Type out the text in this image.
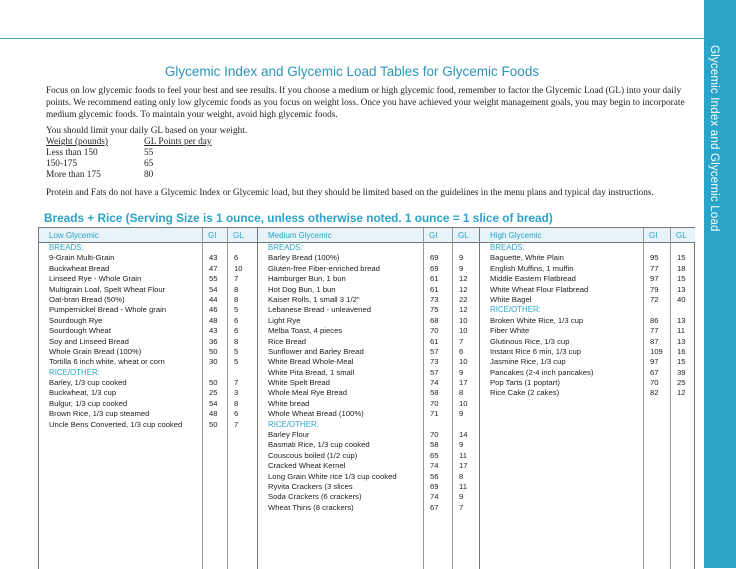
Glycemic Index and Glycemic Load
Glycemic Index and Glycemic Load Tables for Glycemic Foods

Focus on low glycemic foods to feel your best and see results. If you choose a medium or high glycemic food, remember to factor the Glycemic Load (GL) into your daily points. We recommend eating only low glycemic foods as you focus on weight loss. Once you have achieved your weight management goals, you may begin to incorporate medium glycemic foods. To maintain your weight, avoid high glycemic foods.

You should limit your daily GL based on your weight.
Weight (pounds)	GL Points per day
Less than 150	55
150-175	65
More than 175	80
Protein and Fats do not have a Glycemic Index or Glycemic load, but they should be limited based on the guidelines in the menu plans and typical day instructions.
Breads + Rice (Serving Size is 1 ounce, unless otherwise noted. 1 ounce = 1 slice of bread)
Low Glycemic	GI GL
BREADS:
9-Grain Multi-Grain	43 6
Buckwheat Bread	47 10
Linseed Rye - Whole Grain	55 7
Multigrain Loaf, Spelt Wheat Flour	54 8
Oat-bran Bread (50%)	44 8
Pumpernickel Bread - Whole grain	46 5
Sourdough Rye	48 6
Sourdough Wheat	43 6
Soy and Linseed Bread	36 8
Whole Grain Bread (100%)	50 5
Tortilla 6 inch white, wheat or corn	30 5
RICE/OTHER:
Barley, 1/3 cup cooked	50 7
Buckwheat, 1/3 cup	25 3
Bulgur, 1/3 cup cooked	54 8
Brown Rice, 1/3 cup steamed	48 6
Uncle Bens Converted, 1/3 cup cooked	50 7
Medium Glycemic	GI	GL
BREADS:
Barley Bread (100%)	69	9
Gluten-free Fiber-enriched bread	69	9
Hamburger Bun, 1 bun	61	12
Hot Dog Bun, 1 bun	61	12
Kaiser Rolls, 1 small 3 1/2"	73	22
Lebanese Bread - unleavened	75	12
Light Rye	68	10
Melba Toast, 4 pieces	70	10
Rice Bread	61	7
Sunflower and Barley Bread	57	6
White Bread Whole-Meal	73	10
White Pita Bread, 1 small	57	9
White Spelt Bread	74	17
Whole Meal Rye Bread	58	8
White bread	70	10
Whole Wheat Bread (100%)	71	9
RICE/OTHER:
Barley Flour	70	14
Basmati Rice, 1/3 cup cooked	58	9
Couscous boiled (1/2 cup)	65	11
Cracked Wheat Kernel	74	17
Long Grain White rice 1/3 cup cooked	56	8
Ryvita Crackers (3 slices	69	11
Soda Crackers (6 crackers)	74	9
Wheat Thins (8 crackers)	67	7
High Glycemic	GI GL
BREADS:
Baguette, White Plain	95 15
English Muffins, 1 muffin	77 18
Middle Eastern Flatbread	97 15
White Wheat Flour Flatbread	79 13
White Bagel	72 40
RICE/OTHER:
Broken White Rice, 1/3 cup	86 13
Fiber White	77 11
Glutinous Rice, 1/3 cup	87 13
Instant Rice 6 min, 1/3 cup	109 16
Jasmine Rice, 1/3 cup	97 15
Pancakes (2-4 inch pancakes)	67 39
Pop Tarts (1 poptart)	70 25
Rice Cake (2 cakes)	82 12
